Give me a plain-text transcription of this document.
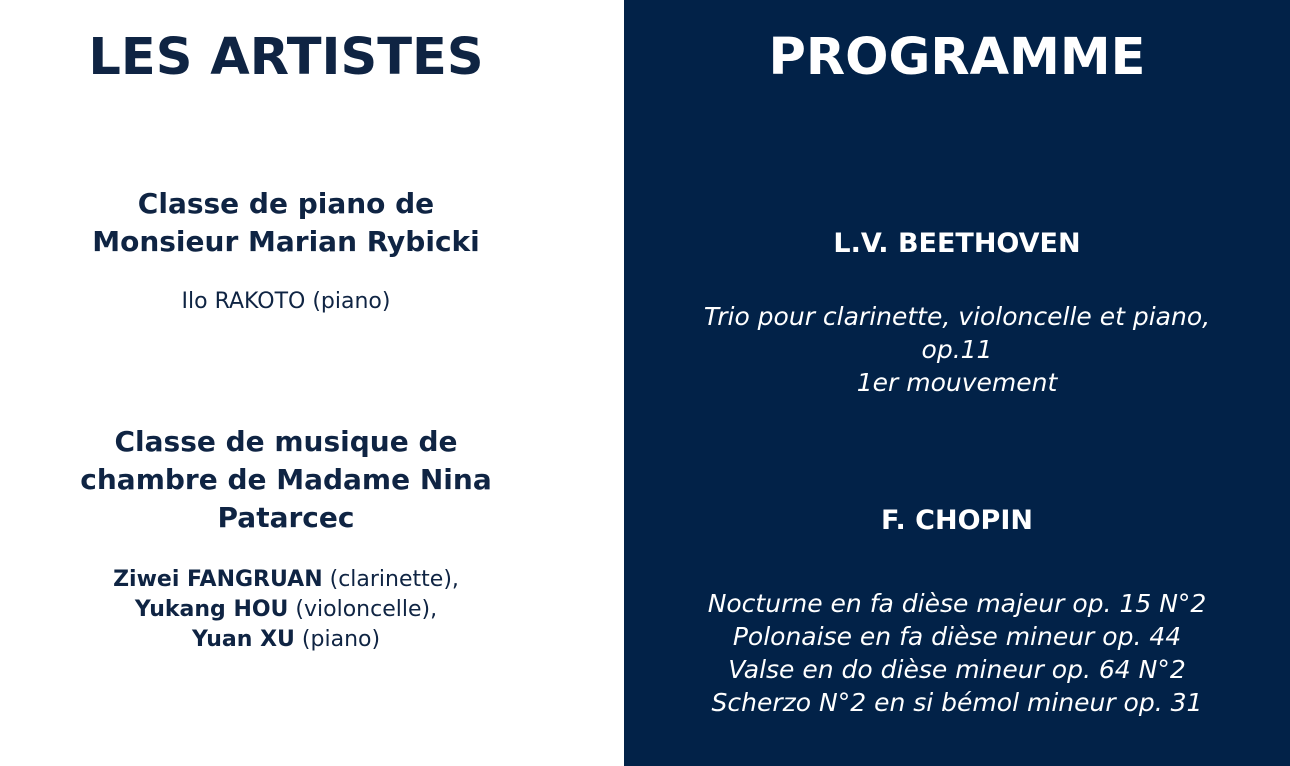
LES ARTISTES

Classe de piano de
Monsieur Marian Rybicki

Ilo RAKOTO (piano)

Classe de musique de
chambre de Madame Nina
Patarcec

Ziwei FANGRUAN (clarinette),
Yukang HOU (violoncelle),
Yuan XU (piano)

PROGRAMME
L.V. BEETHOVEN

Trio pour clarinette, violoncelle et piano,
op.11
1er mouvement

F. CHOPIN

Nocturne en fa dièse majeur op. 15 N°2
Polonaise en fa dièse mineur op. 44
Valse en do dièse mineur op. 64 N°2
Scherzo N°2 en si bémol mineur op. 31
